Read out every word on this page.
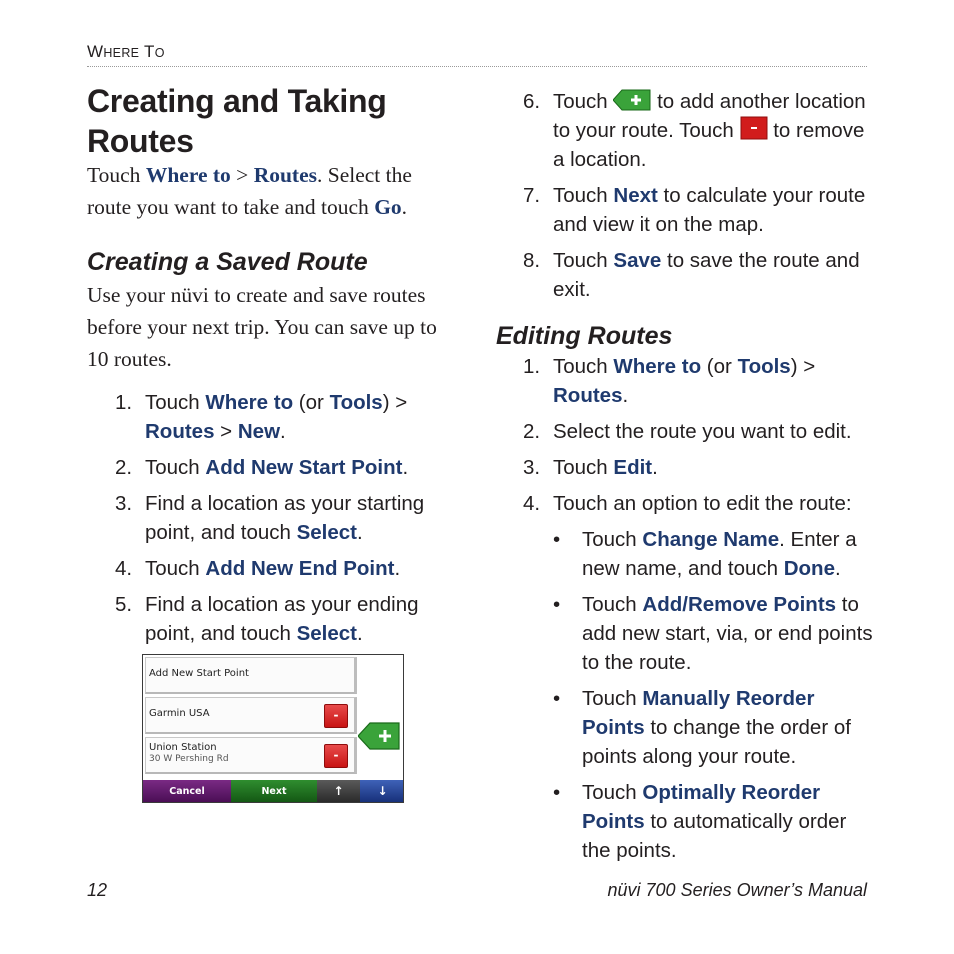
WHERE TO
Creating and Taking
Routes
Touch Where to > Routes. Select the route you want to take and touch Go.
Creating a Saved Route
Use your nüvi to create and save routes before your next trip. You can save up to 10 routes.
1. Touch Where to (or Tools) >
Routes > New.
2. Touch Add New Start Point.
3. Find a location as your starting point, and touch Select.
4. Touch Add New End Point.
5. Find a location as your ending point, and touch Select.
Add New Start Point
Garmin USA	-
Union Station
30 W Pershing Rd	-
Cancel	Next	↑	↓
6. Touch  to add another location to your route. Touch  to remove a location.
7. Touch Next to calculate your route and view it on the map.
8. Touch Save to save the route and exit.
Editing Routes
1. Touch Where to (or Tools) >
Routes.
2. Select the route you want to edit.
3. Touch Edit.
4. Touch an option to edit the route:
• Touch Change Name. Enter a new name, and touch Done.
• Touch Add/Remove Points to add new start, via, or end points to the route.
• Touch Manually Reorder Points to change the order of points along your route.
• Touch Optimally Reorder Points to automatically order the points.
12	nüvi 700 Series Owner’s Manual
